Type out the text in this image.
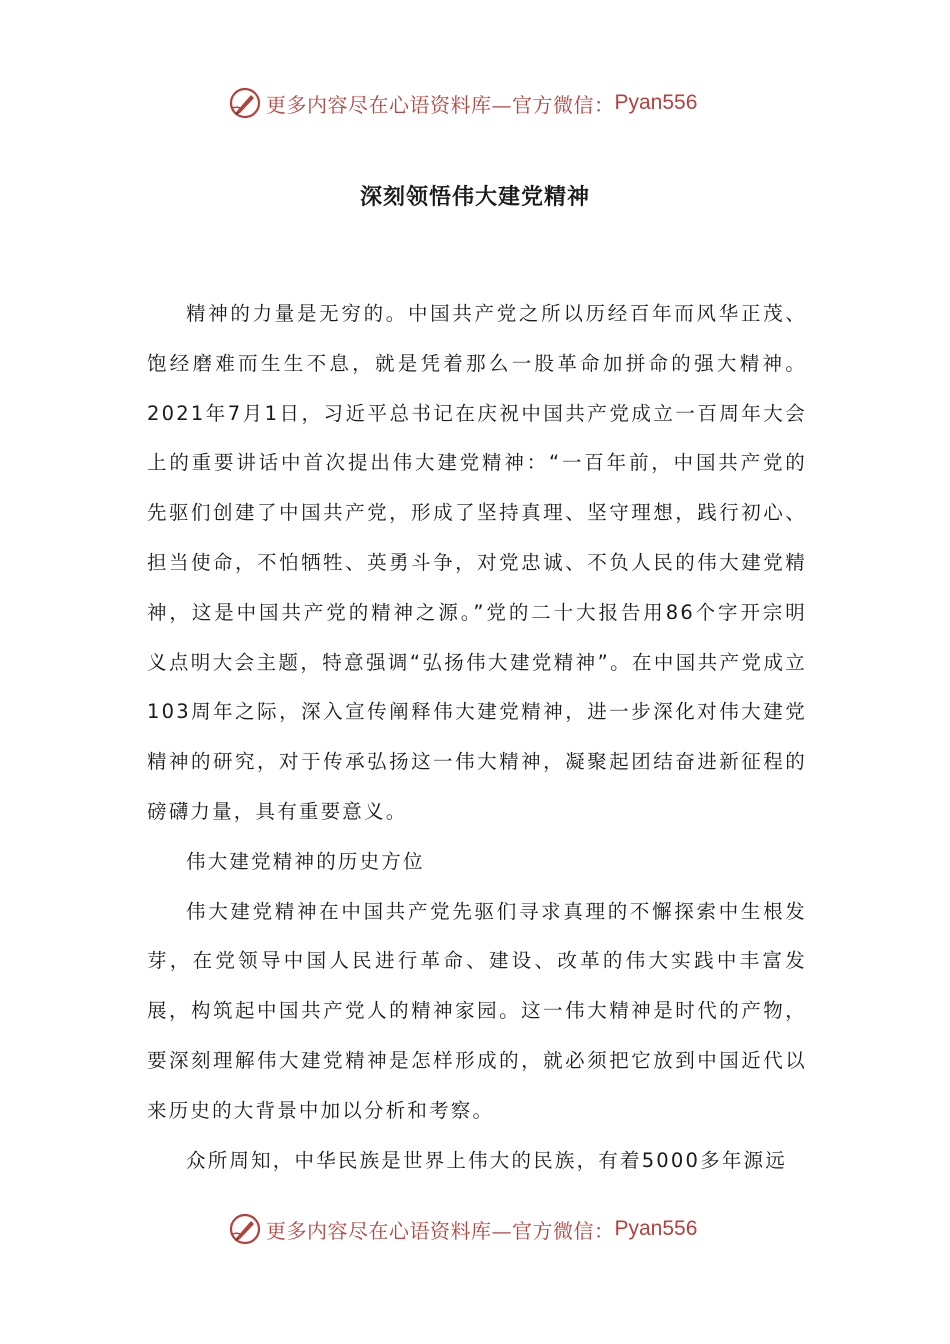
更多内容尽在心语资料库—官方微信： Pyan556
深刻领悟伟大建党精神

精神的力量是无穷的。中国共产党之所以历经百年而风华正茂、饱经磨难而生生不息，就是凭着那么一股革命加拼命的强大精神。2021年7月1日，习近平总书记在庆祝中国共产党成立一百周年大会上的重要讲话中首次提出伟大建党精神：“一百年前，中国共产党的先驱们创建了中国共产党，形成了坚持真理、坚守理想，践行初心、担当使命，不怕牺牲、英勇斗争，对党忠诚、不负人民的伟大建党精神，这是中国共产党的精神之源。”党的二十大报告用86个字开宗明义点明大会主题，特意强调“弘扬伟大建党精神”。在中国共产党成立103周年之际，深入宣传阐释伟大建党精神，进一步深化对伟大建党精神的研究，对于传承弘扬这一伟大精神，凝聚起团结奋进新征程的磅礴力量，具有重要意义。

伟大建党精神的历史方位

伟大建党精神在中国共产党先驱们寻求真理的不懈探索中生根发芽，在党领导中国人民进行革命、建设、改革的伟大实践中丰富发展，构筑起中国共产党人的精神家园。这一伟大精神是时代的产物，要深刻理解伟大建党精神是怎样形成的，就必须把它放到中国近代以来历史的大背景中加以分析和考察。

众所周知，中华民族是世界上伟大的民族，有着5000多年源远

更多内容尽在心语资料库—官方微信： Pyan556
